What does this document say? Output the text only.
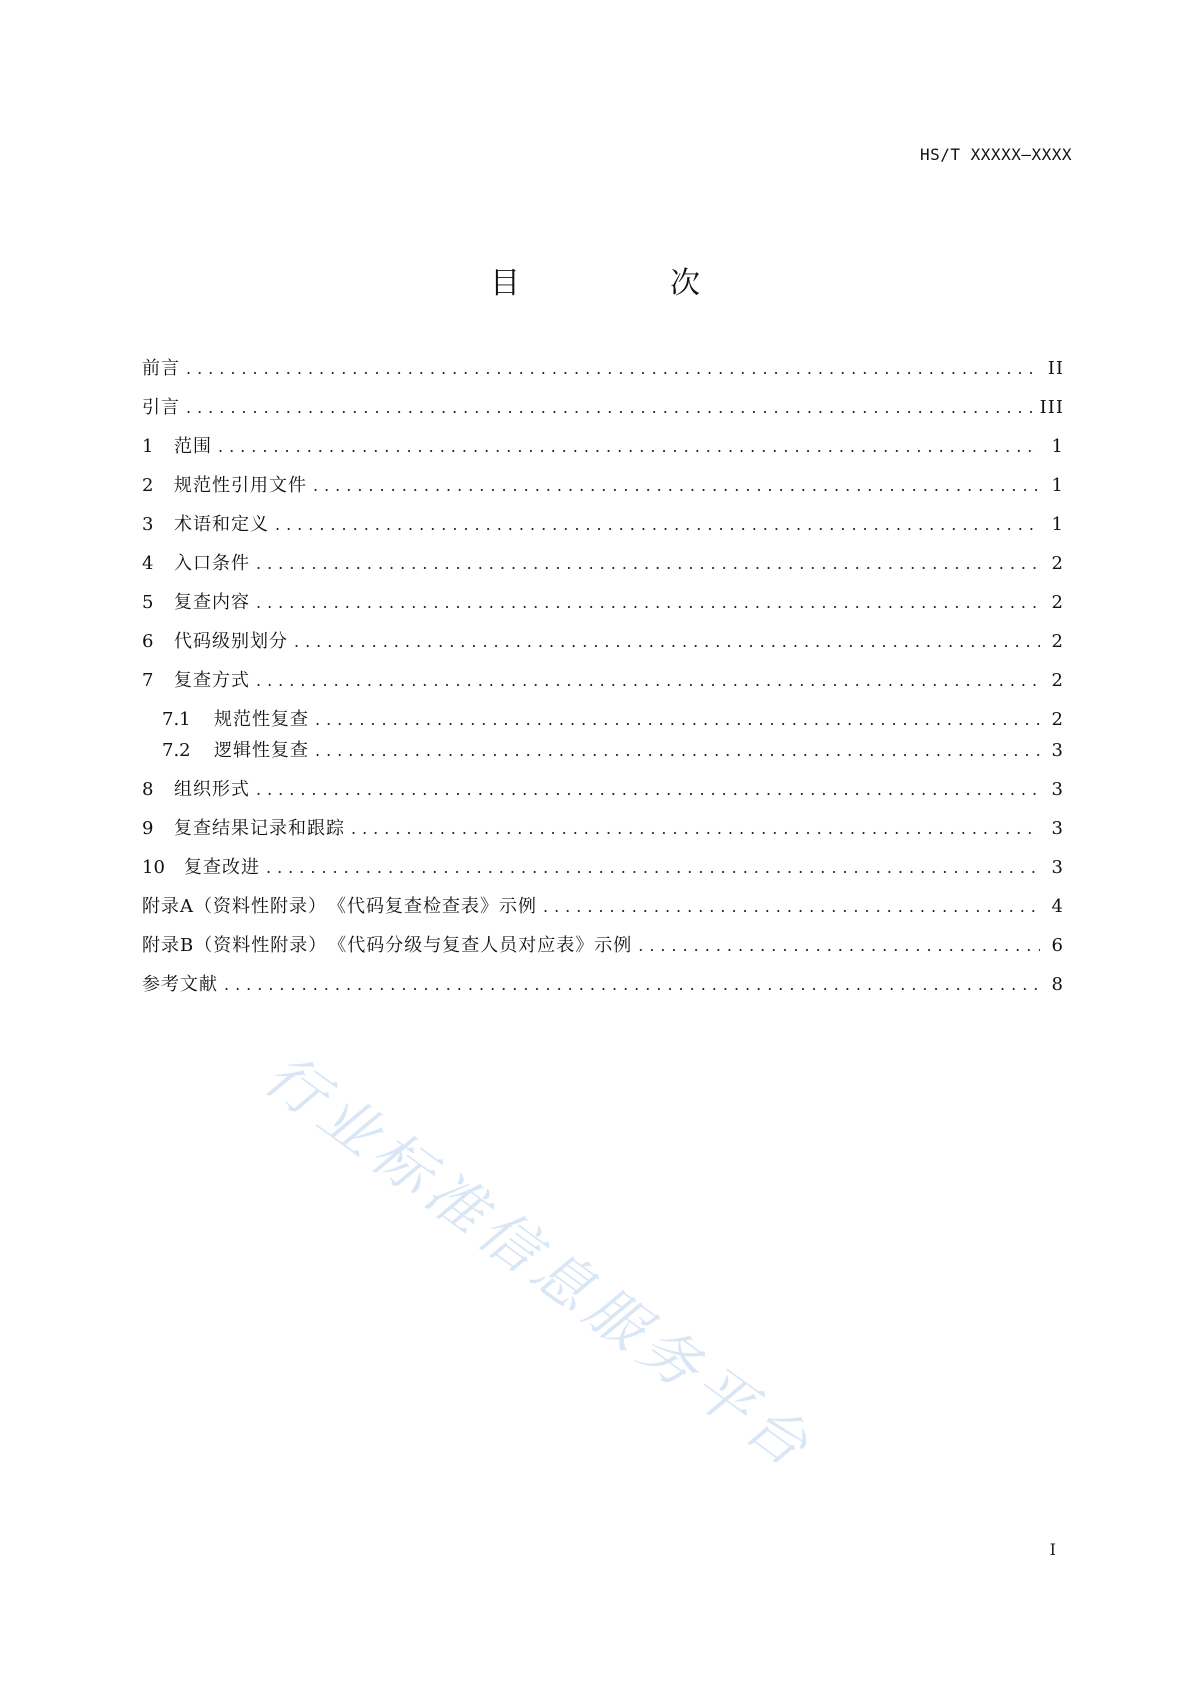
HS/T XXXXX—XXXX
目　次
前言 .....	II
引言 .....	III
1	范围 .....	1
2	规范性引用文件 .....	1
3	术语和定义 .....	1
4	入口条件 .....	2
5	复查内容 .....	2
6	代码级别划分 .....	2
7	复查方式 .....	2
7.1	规范性复查 .....	2
7.2	逻辑性复查 .....	3
8	组织形式 .....	3
9	复查结果记录和跟踪 .....	3
10	复查改进 .....	3
附录A（资料性附录）　《代码复查检查表》示例 .....	4
附录B（资料性附录）　《代码分级与复查人员对应表》示例 .....	6
参考文献 .....	8
行业标准信息服务平台
I
